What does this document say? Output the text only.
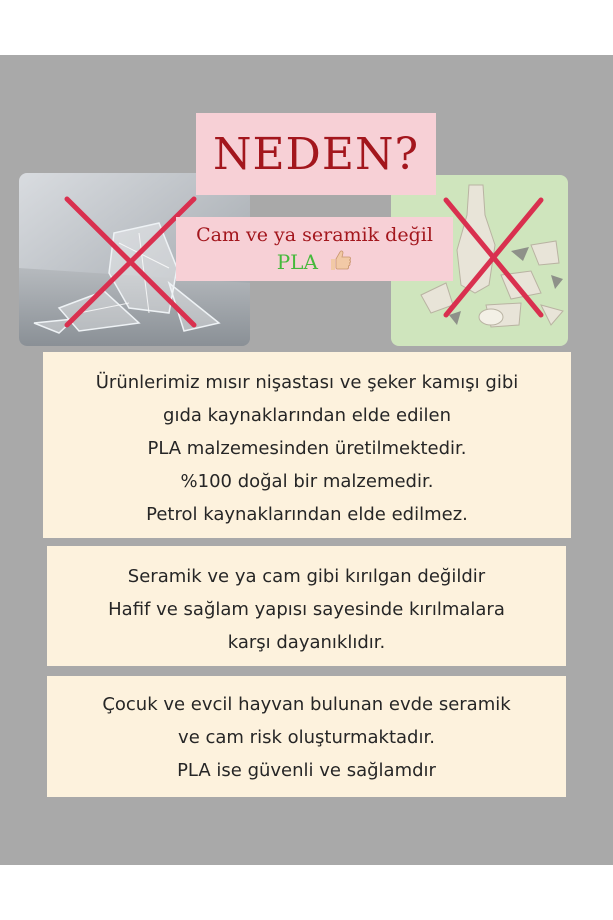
NEDEN?
Cam ve ya seramik değil
PLA

Ürünlerimiz mısır nişastası ve şeker kamışı gibi

gıda kaynaklarından elde edilen

PLA malzemesinden üretilmektedir.

%100 doğal bir malzemedir.

Petrol kaynaklarından elde edilmez.

Seramik ve ya cam gibi kırılgan değildir

Hafif ve sağlam yapısı sayesinde kırılmalara

karşı dayanıklıdır.

Çocuk ve evcil hayvan bulunan evde seramik

ve cam risk oluşturmaktadır.

PLA ise güvenli ve sağlamdır
